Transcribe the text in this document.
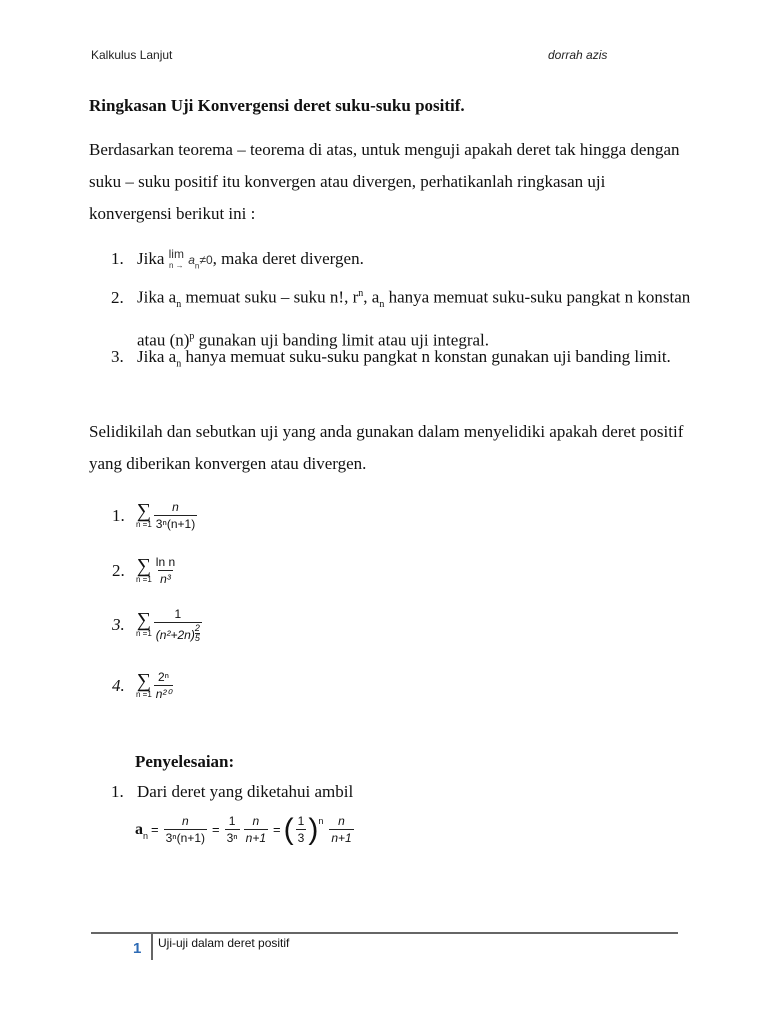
Kalkulus Lanjut	dorrah azis
Ringkasan Uji Konvergensi deret suku-suku positif.
Berdasarkan teorema – teorema di atas, untuk menguji apakah deret tak hingga dengan suku – suku positif itu konvergen atau divergen, perhatikanlah ringkasan uji konvergensi berikut ini :
1. Jika lim
$n \to a_n\ne 0$, maka deret divergen.
2. Jika $a_n$ memuat suku – suku n!, $r^n$, $a_n$ hanya memuat suku-suku pangkat n konstan atau $(n)^p$ gunakan uji banding limit atau uji integral.
3. Jika $a_n$ hanya memuat suku-suku pangkat n konstan gunakan uji banding limit.
Selidikilah dan sebutkan uji yang anda gunakan dalam menyelidiki apakah deret positif yang diberikan konvergen atau divergen.
1. ∑
$n =1 \frac{n}{\text{3ⁿ(n+1)}}$
2. ∑
$n =1 \frac{\text{ln n}}{\text{n³}}$
3. ∑
$n =1 \frac{1}{(n^2+2n) \frac{2}{5}}$
4. ∑
$n =1 \frac{\text{2ⁿ}}{\text{n²⁰}}$
Penyelesaian:
1. Dari deret yang diketahui ambil
$a_n = \frac{n}{\text{3ⁿ(n+1)}} = \frac{1}{\text{3ⁿ}} \frac{n}{n+1}$ = ( $\frac{1}{3} )^n \frac{n}{n+1}$
1 Uji-uji dalam deret positif
